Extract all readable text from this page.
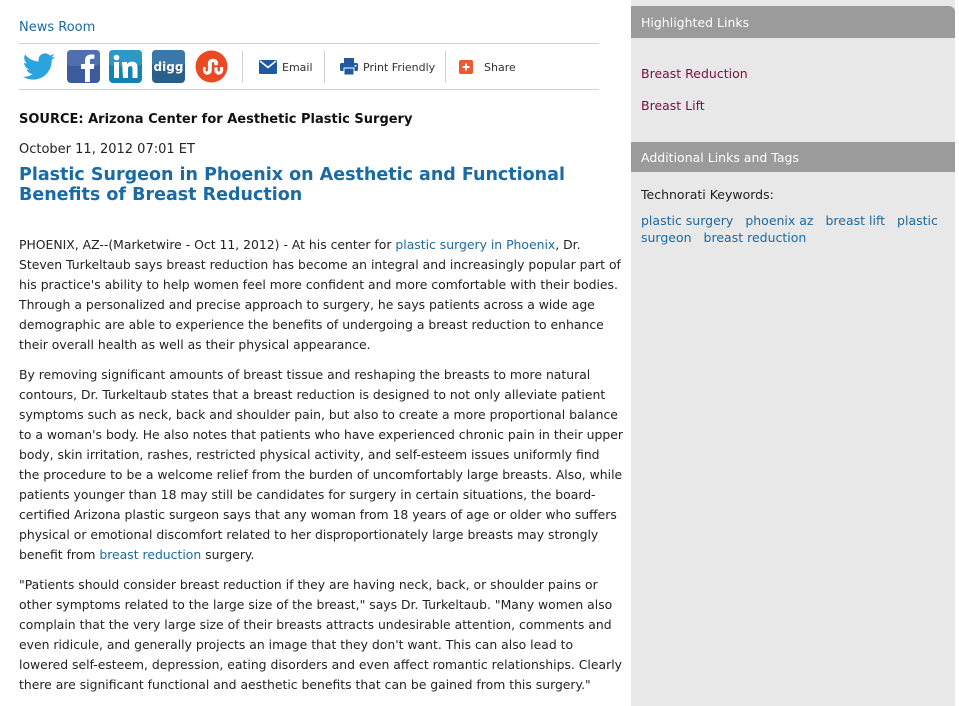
News Room
digg	Email	Print Friendly	Share
SOURCE: Arizona Center for Aesthetic Plastic Surgery
October 11, 2012 07:01 ET
Plastic Surgeon in Phoenix on Aesthetic and Functional Benefits of Breast Reduction
PHOENIX, AZ--(Marketwire - Oct 11, 2012) - At his center for plastic surgery in Phoenix, Dr.
Steven Turkeltaub says breast reduction has become an integral and increasingly popular part of
his practice's ability to help women feel more confident and more comfortable with their bodies.
Through a personalized and precise approach to surgery, he says patients across a wide age
demographic are able to experience the benefits of undergoing a breast reduction to enhance
their overall health as well as their physical appearance.
By removing significant amounts of breast tissue and reshaping the breasts to more natural
contours, Dr. Turkeltaub states that a breast reduction is designed to not only alleviate patient
symptoms such as neck, back and shoulder pain, but also to create a more proportional balance
to a woman's body. He also notes that patients who have experienced chronic pain in their upper
body, skin irritation, rashes, restricted physical activity, and self-esteem issues uniformly find
the procedure to be a welcome relief from the burden of uncomfortably large breasts. Also, while
patients younger than 18 may still be candidates for surgery in certain situations, the board-
certified Arizona plastic surgeon says that any woman from 18 years of age or older who suffers
physical or emotional discomfort related to her disproportionately large breasts may strongly
benefit from breast reduction surgery.
"Patients should consider breast reduction if they are having neck, back, or shoulder pains or
other symptoms related to the large size of the breast," says Dr. Turkeltaub. "Many women also
complain that the very large size of their breasts attracts undesirable attention, comments and
even ridicule, and generally projects an image that they don't want. This can also lead to
lowered self-esteem, depression, eating disorders and even affect romantic relationships. Clearly
there are significant functional and aesthetic benefits that can be gained from this surgery."
Highlighted Links
Breast Reduction
Breast Lift
Additional Links and Tags
Technorati Keywords:
plastic surgery phoenix az breast lift plastic surgeon breast reduction
